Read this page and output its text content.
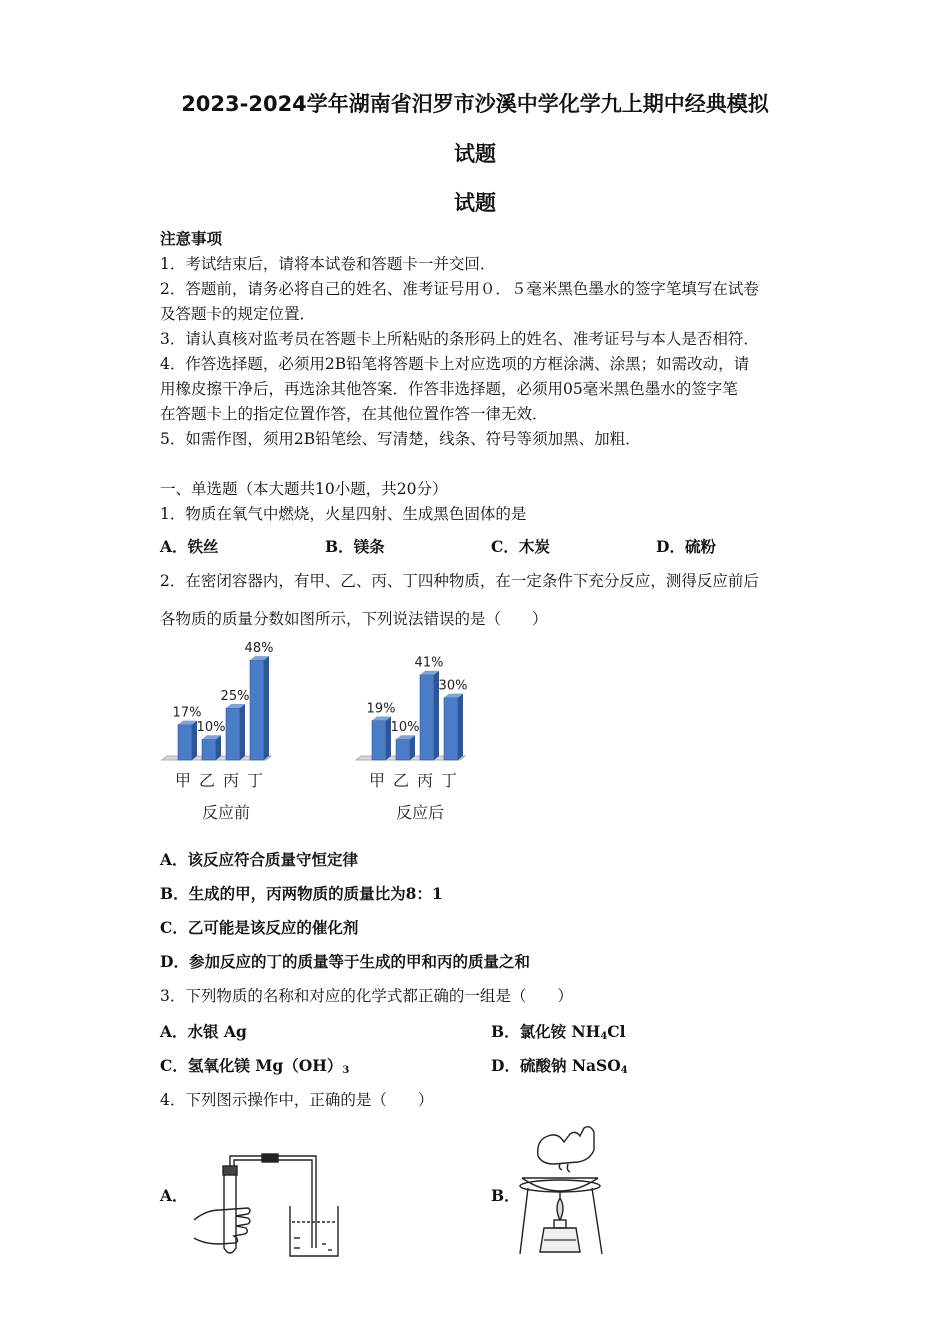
2023-2024学年湖南省汨罗市沙溪中学化学九上期中经典模拟
试题
试题
注意事项
1．考试结束后，请将本试卷和答题卡一并交回．
2．答题前，请务必将自己的姓名、准考证号用０．５毫米黑色墨水的签字笔填写在试卷
及答题卡的规定位置．
3．请认真核对监考员在答题卡上所粘贴的条形码上的姓名、准考证号与本人是否相符．
4．作答选择题，必须用2B铅笔将答题卡上对应选项的方框涂满、涂黑；如需改动，请
用橡皮擦干净后，再选涂其他答案．作答非选择题，必须用05毫米黑色墨水的签字笔
在答题卡上的指定位置作答，在其他位置作答一律无效．
5．如需作图，须用2B铅笔绘、写清楚，线条、符号等须加黑、加粗．
一、单选题（本大题共10小题，共20分）
1．物质在氧气中燃烧，火星四射、生成黑色固体的是
A．铁丝	B．镁条	C．木炭	D．硫粉
2．在密闭容器内，有甲、乙、丙、丁四种物质，在一定条件下充分反应，测得反应前后
各物质的质量分数如图所示，下列说法错误的是（　　）
17%
甲
10%
乙
25%
丙
48%
丁
反应前
19%
甲
10%
乙
41%
丙
30%
丁
反应后
A．该反应符合质量守恒定律
B．生成的甲，丙两物质的质量比为8：1
C．乙可能是该反应的催化剂
D．参加反应的丁的质量等于生成的甲和丙的质量之和
3．下列物质的名称和对应的化学式都正确的一组是（　　）
A．水银 Ag	B．氯化铵 $NH_4Cl$
C．氢氧化镁 $Mg(OH)_3$	D．硫酸钠 NaSO$_4$
4．下列图示操作中，正确的是（　　）
A．	B．
